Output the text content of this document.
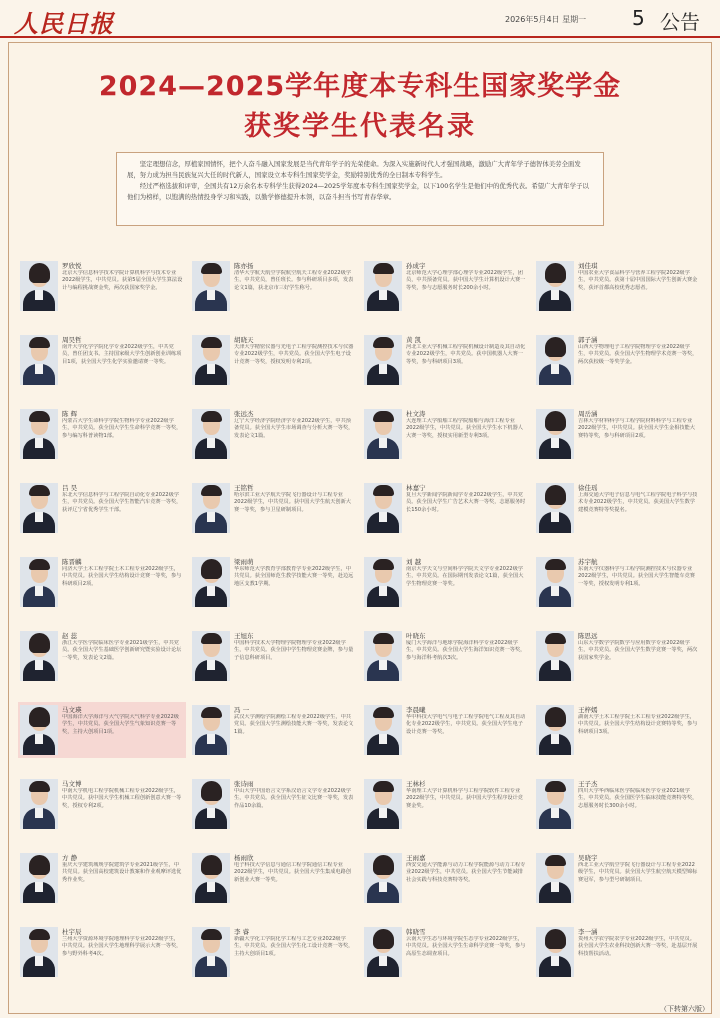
人民日报	2026年5月4日 星期一 5 公告
2024—2025学年度本专科生国家奖学金
获奖学生代表名录

坚定理想信念，厚植家国情怀，把个人奋斗融入国家发展是当代青年学子的光荣使命。为深入实施新时代人才强国战略，激励广大青年学子德智体美劳全面发展，努力成为担当民族复兴大任的时代新人，国家设立本专科生国家奖学金，奖励特别优秀的全日制本专科学生。

经过严格选拔和评审，全国共有12万余名本专科学生获得2024—2025学年度本专科生国家奖学金，以下100名学生是他们中的优秀代表。希望广大青年学子以他们为榜样，以饱满的热情投身学习和实践，以勤学修德提升本领，以奋斗担当书写青春华章。

罗欣悦
北京大学信息科学技术学院计算机科学与技术专业2022级学生，中共党员。获第5届全国大学生算法设计与编程挑战赛金奖，两次获国家奖学金。
陈亦扬
清华大学航天航空学院航空航天工程专业2022级学生，中共党员，曾任班长。参与科研项目多项，发表论文1篇，获北京市三好学生称号。
孙成宇
北京师范大学心理学部心理学专业2022级学生，团员，中共预备党员。获中国大学生计算机设计大赛一等奖，参与志愿服务时长200余小时。
刘佳琪
中国农业大学食品科学与营养工程学院2022级学生，中共党员。获第十届中国国际大学生创新大赛金奖，获评首都高校优秀志愿者。
周昊哲
南开大学化学学院化学专业2022级学生，中共党员，曾任团支书。主持国家级大学生创新创业训练项目1项，获全国大学生化学实验邀请赛一等奖。
胡晓天
天津大学精密仪器与光电子工程学院测控技术与仪器专业2022级学生，中共党员。获全国大学生电子设计竞赛一等奖，授权发明专利2项。
黄 凯
河北工业大学机械工程学院机械设计制造及其自动化专业2022级学生，中共党员。获中国机器人大赛一等奖，参与科研项目3项。
郭子涵
山西大学物理电子工程学院物理学专业2022级学生，中共党员。获全国大学生物理学术竞赛一等奖，两次获校级一等奖学金。
陈 辉
内蒙古大学生命科学学院生物科学专业2022级学生，中共党员。获全国大学生生命科学竞赛一等奖，参与编写科普读物1部。
张远杰
辽宁大学经济学院经济学专业2022级学生，中共预备党员。获全国大学生市场调查与分析大赛一等奖，发表论文1篇。
杜文涛
大连理工大学船舶工程学院船舶与海洋工程专业2022级学生，中共党员。获全国大学生水下机器人大赛一等奖，授权实用新型专利3项。
周岳涵
吉林大学材料科学与工程学院材料科学与工程专业2022级学生，中共党员。获全国大学生金相技能大赛特等奖，参与科研项目2项。
吕 昊
东北大学信息科学与工程学院自动化专业2022级学生，中共党员。获全国大学生智能汽车竞赛一等奖，获评辽宁省优秀学生干部。
王铭哲
哈尔滨工业大学航天学院飞行器设计与工程专业2022级学生，中共党员。获中国大学生航天创新大赛一等奖，参与卫星研制项目。
林嘉宁
复旦大学新闻学院新闻学专业2022级学生，中共党员。获全国大学生广告艺术大赛一等奖，志愿服务时长150余小时。
徐佳瑶
上海交通大学电子信息与电气工程学院电子科学与技术专业2022级学生，中共党员。获美国大学生数学建模竞赛特等奖提名。
陈晋麟
同济大学土木工程学院土木工程专业2022级学生，中共党员。获全国大学生结构设计竞赛一等奖，参与科研项目2项。
梁雨萌
华东师范大学教育学部教育学专业2022级学生，中共党员。获全国师范生教学技能大赛一等奖，赴边远地区支教1学期。
刘 越
南京大学天文与空间科学学院天文学专业2022级学生，中共党员。在国际期刊发表论文1篇，获全国大学生物理竞赛一等奖。
苏宇航
东南大学仪器科学与工程学院测控技术与仪器专业2022级学生，中共党员。获全国大学生智能车竞赛一等奖，授权发明专利1项。
赵 蕊
浙江大学医学院临床医学专业2021级学生，中共党员。获全国大学生基础医学创新研究暨实验设计论坛一等奖，发表论文2篇。
王旭东
中国科学技术大学物理学院物理学专业2022级学生，中共党员。获全国中学生物理竞赛金牌，参与量子信息科研项目。
叶晓东
厦门大学海洋与地球学院海洋科学专业2022级学生，中共党员。获全国大学生海洋知识竞赛一等奖，参与海洋科考航次3次。
陈思远
山东大学数学学院数学与应用数学专业2022级学生，中共党员。获全国大学生数学竞赛一等奖，两次获国家奖学金。
马文瑛
中国海洋大学海洋与大气学院大气科学专业2022级学生，中共党员。获全国大学生气象知识竞赛一等奖，主持大创项目1项。
冯 一
武汉大学测绘学院测绘工程专业2022级学生，中共党员。获全国大学生测绘技能大赛一等奖，发表论文1篇。
李晨曦
华中科技大学电气与电子工程学院电气工程及其自动化专业2022级学生，中共党员。获全国大学生电子设计竞赛一等奖。
王梓嫣
湖南大学土木工程学院土木工程专业2022级学生，中共党员。获全国大学生结构设计竞赛特等奖，参与科研项目3项。
马文博
中南大学机电工程学院机械工程专业2022级学生，中共党员。获中国大学生机械工程创新创意大赛一等奖，授权专利2项。
张诗雨
中山大学中国语言文学系汉语言文学专业2022级学生，中共党员。获全国大学生征文比赛一等奖，发表作品10余篇。
王林杉
华南理工大学计算机科学与工程学院软件工程专业2022级学生，中共党员。获中国大学生程序设计竞赛金奖。
王子杰
四川大学华西临床医学院临床医学专业2021级学生，中共党员。获全国医学生临床技能竞赛特等奖，志愿服务时长300余小时。
方 静
重庆大学建筑城规学院建筑学专业2021级学生，中共党员。获全国高校建筑设计教案和作业观摩评选优秀作业奖。
杨雨欣
电子科技大学信息与通信工程学院通信工程专业2022级学生，中共党员。获全国大学生集成电路创新创业大赛一等奖。
王雨嘉
西安交通大学能源与动力工程学院能源与动力工程专业2022级学生，中共党员。获全国大学生节能减排社会实践与科技竞赛特等奖。
吴晓宇
西北工业大学航空学院飞行器设计与工程专业2022级学生，中共党员。获全国大学生航空航天模型锦标赛冠军，参与型号研制项目。
杜宇辰
兰州大学资源环境学院地理科学专业2022级学生，中共党员。获全国大学生地理科学展示大赛一等奖，参与野外科考4次。
李 睿
新疆大学化工学院化学工程与工艺专业2022级学生，中共党员。获全国大学生化工设计竞赛一等奖，主持大创项目1项。
韩晓雪
云南大学生态与环境学院生态学专业2022级学生，中共党员。获全国大学生生命科学竞赛一等奖，参与高原生态调查项目。
李一涵
贵州大学农学院农学专业2022级学生，中共党员。获全国大学生农业科技创新大赛一等奖，赴基层开展科技帮扶活动。
（下转第六版）
